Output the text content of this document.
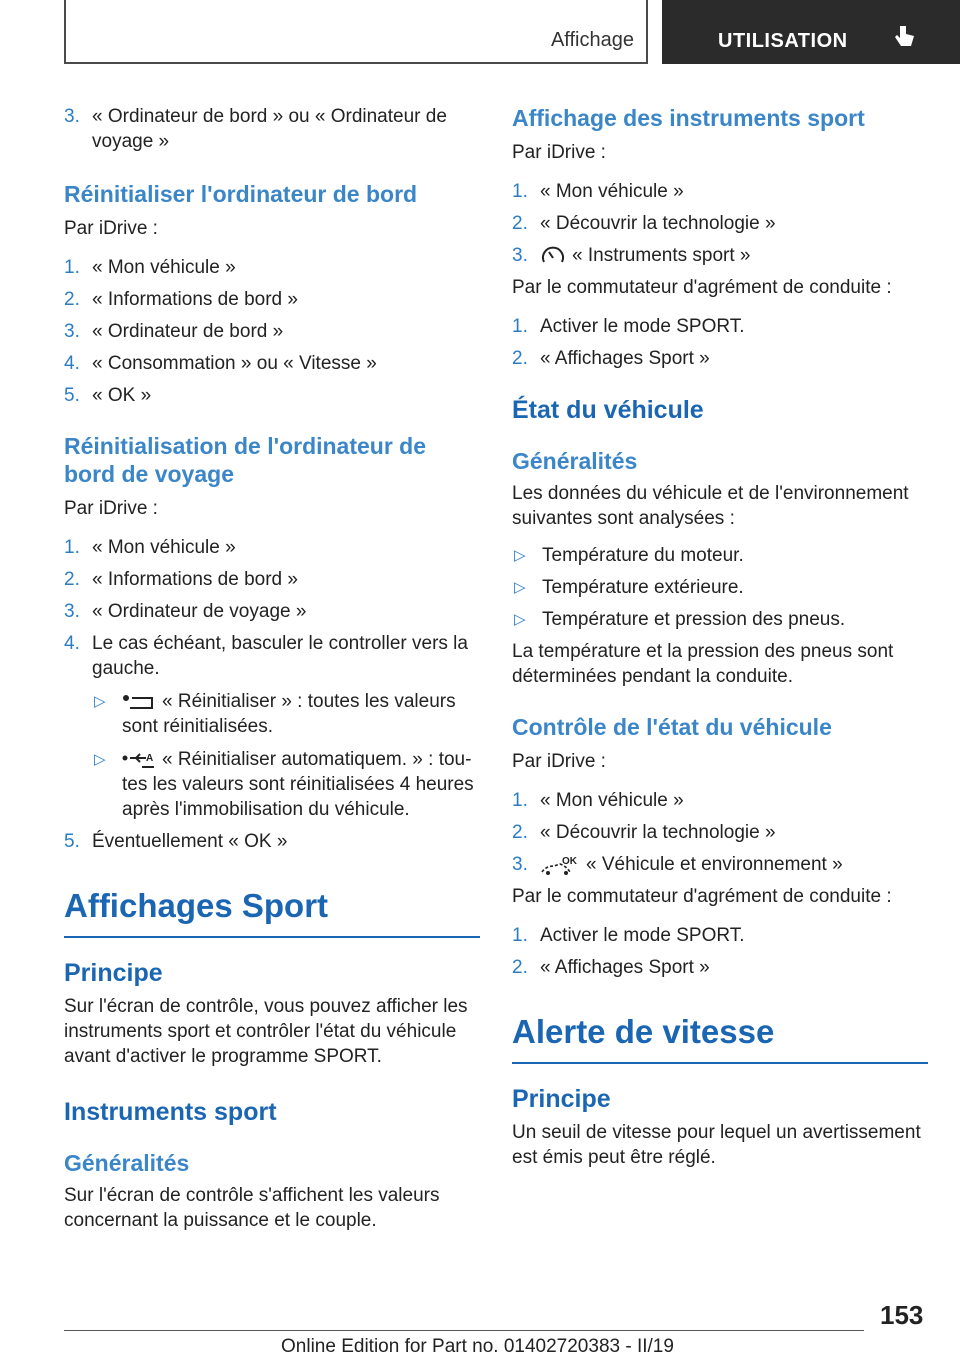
Affichage	UTILISATION
3. « Ordinateur de bord » ou « Ordinateur de voyage »
Réinitialiser l'ordinateur de bord

Par iDrive :

1. « Mon véhicule »
2. « Informations de bord »
3. « Ordinateur de bord »
4. « Consommation » ou « Vitesse »
5. « OK »
Réinitialisation de l'ordinateur de bord de voyage

Par iDrive :

1. « Mon véhicule »
2. « Informations de bord »
3. « Ordinateur de voyage »
4. Le cas échéant, basculer le controller vers la gauche.
▷	« Réinitialiser » : toutes les valeurs sont réinitialisées.
▷	A « Réinitialiser automatiquem. » : tou-tes les valeurs sont réinitialisées 4 heures après l'immobilisation du véhicule.
5. Éventuellement « OK »
Affichages Sport
Principe

Sur l'écran de contrôle, vous pouvez afficher les instruments sport et contrôler l'état du véhicule avant d'activer le programme SPORT.

Instruments sport
Généralités

Sur l'écran de contrôle s'affichent les valeurs concernant la puissance et le couple.

Affichage des instruments sport

Par iDrive :

1. « Mon véhicule »
2. « Découvrir la technologie »
3. « Instruments sport »

Par le commutateur d'agrément de conduite :

1. Activer le mode SPORT.
2. « Affichages Sport »
État du véhicule
Généralités

Les données du véhicule et de l'environnement suivantes sont analysées :

▷ Température du moteur.
▷ Température extérieure.
▷ Température et pression des pneus.

La température et la pression des pneus sont déterminées pendant la conduite.

Contrôle de l'état du véhicule

Par iDrive :

1. « Mon véhicule »
2. « Découvrir la technologie »
3.	OK « Véhicule et environnement »

Par le commutateur d'agrément de conduite :

1. Activer le mode SPORT.
2. « Affichages Sport »
Alerte de vitesse
Principe

Un seuil de vitesse pour lequel un avertissement est émis peut être réglé.

153
Online Edition for Part no. 01402720383 - II/19
